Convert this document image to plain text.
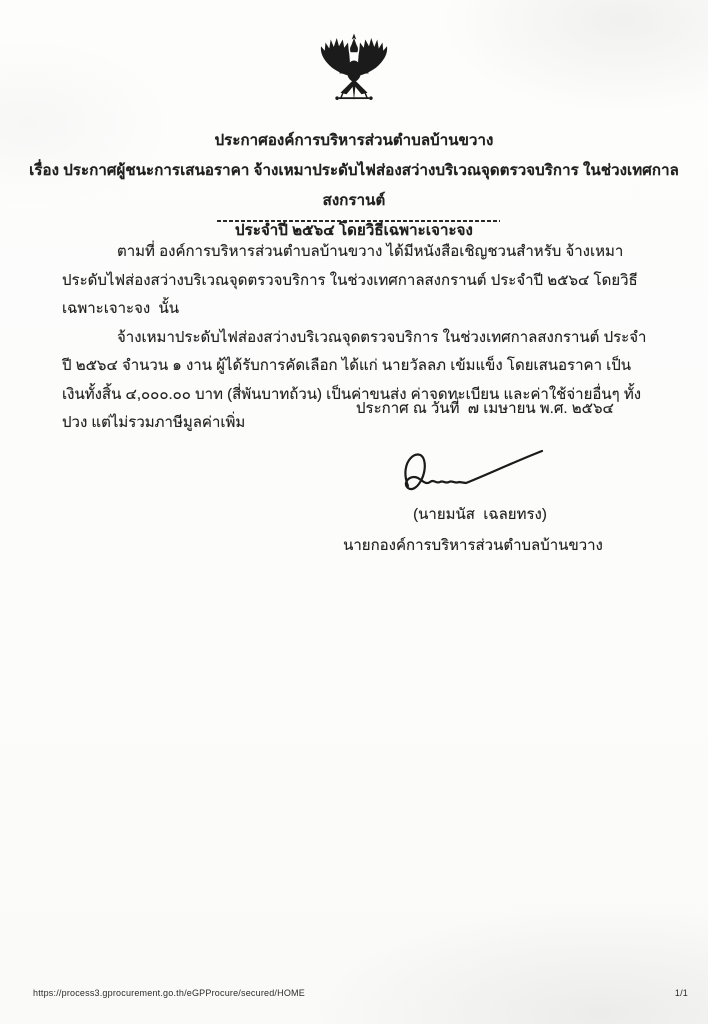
ประกาศองค์การบริหารส่วนตำบลบ้านขวาง
เรื่อง ประกาศผู้ชนะการเสนอราคา จ้างเหมาประดับไฟส่องสว่างบริเวณจุดตรวจบริการ ในช่วงเทศกาลสงกรานต์
ประจำปี ๒๕๖๔ โดยวิธีเฉพาะเจาะจง

ตามที่ องค์การบริหารส่วนตำบลบ้านขวาง ได้มีหนังสือเชิญชวนสำหรับ จ้างเหมาประดับไฟส่องสว่างบริเวณจุดตรวจบริการ ในช่วงเทศกาลสงกรานต์ ประจำปี ๒๕๖๔ โดยวิธีเฉพาะเจาะจง  นั้น

จ้างเหมาประดับไฟส่องสว่างบริเวณจุดตรวจบริการ ในช่วงเทศกาลสงกรานต์ ประจำปี ๒๕๖๔ จำนวน ๑ งาน ผู้ได้รับการคัดเลือก ได้แก่ นายวัลลภ เข้มแข็ง โดยเสนอราคา เป็นเงินทั้งสิ้น ๔,๐๐๐.๐๐ บาท (สี่พันบาทถ้วน) เป็นค่าขนส่ง ค่าจดทะเบียน และค่าใช้จ่ายอื่นๆ ทั้งปวง แต่ไม่รวมภาษีมูลค่าเพิ่ม

ประกาศ ณ วันที่  ๗ เมษายน พ.ศ. ๒๕๖๔
(นายมนัส  เฉลยทรง)
นายกองค์การบริหารส่วนตำบลบ้านขวาง
https://process3.gprocurement.go.th/eGPProcure/secured/HOME	1/1
